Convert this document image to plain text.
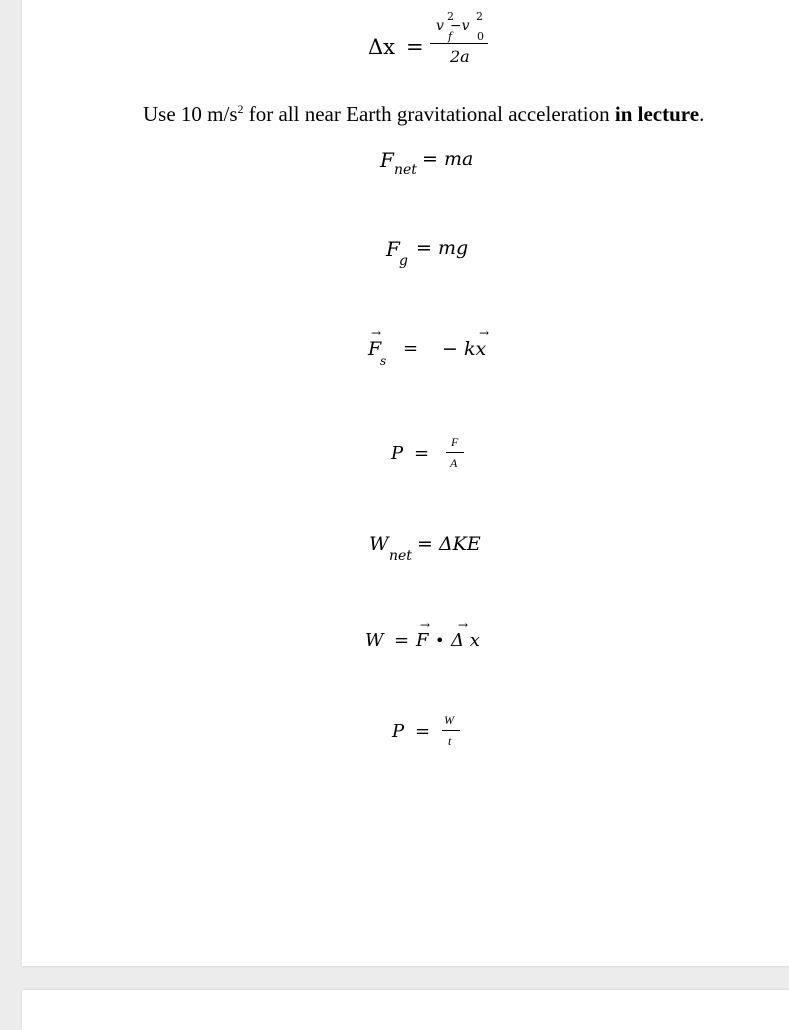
Δx =
v −v
2 2
f 0
2a
Use 10 $m/s^2$ for all near Earth gravitational acceleration in lecture.
F net = ma
F g
= mg
→
F
s
=
→
− kx
P =
F
A
W
net
= ΔKE
W =
→
F •
→
Δ x
P =
W
t
